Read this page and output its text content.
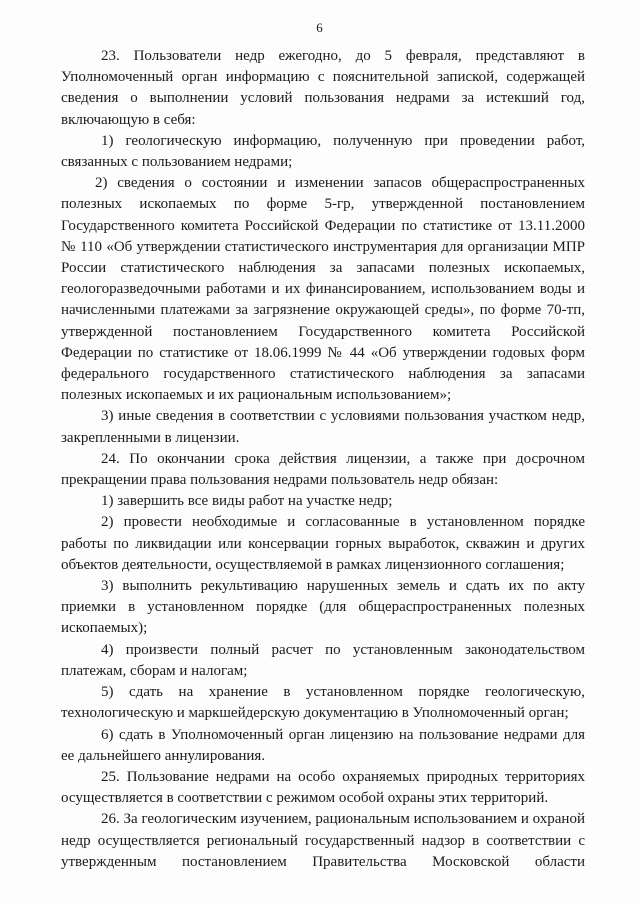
6

23. Пользователи недр ежегодно, до 5 февраля, представляют в Уполномоченный орган информацию с пояснительной запиской, содержащей сведения о выполнении условий пользования недрами за истекший год, включающую в себя:

1) геологическую информацию, полученную при проведении работ, связанных с пользованием недрами;

2) сведения о состоянии и изменении запасов общераспространенных полезных ископаемых по форме 5-гр, утвержденной постановлением Государственного комитета Российской Федерации по статистике от 13.11.2000 № 110 «Об утверждении статистического инструментария для организации МПР России статистического наблюдения за запасами полезных ископаемых, геологоразведочными работами и их финансированием, использованием воды и начисленными платежами за загрязнение окружающей среды», по форме 70-тп, утвержденной постановлением Государственного комитета Российской Федерации по статистике от 18.06.1999 № 44 «Об утверждении годовых форм федерального государственного статистического наблюдения за запасами полезных ископаемых и их рациональным использованием»;

3) иные сведения в соответствии с условиями пользования участком недр, закрепленными в лицензии.

24. По окончании срока действия лицензии, а также при досрочном прекращении права пользования недрами пользователь недр обязан:

1) завершить все виды работ на участке недр;

2) провести необходимые и согласованные в установленном порядке работы по ликвидации или консервации горных выработок, скважин и других объектов деятельности, осуществляемой в рамках лицензионного соглашения;

3) выполнить рекультивацию нарушенных земель и сдать их по акту приемки в установленном порядке (для общераспространенных полезных ископаемых);

4) произвести полный расчет по установленным законодательством платежам, сборам и налогам;

5) сдать на хранение в установленном порядке геологическую, технологическую и маркшейдерскую документацию в Уполномоченный орган;

6) сдать в Уполномоченный орган лицензию на пользование недрами для ее дальнейшего аннулирования.

25. Пользование недрами на особо охраняемых природных территориях осуществляется в соответствии с режимом особой охраны этих территорий.

26. За геологическим изучением, рациональным использованием и охраной недр осуществляется региональный государственный надзор в соответствии с утвержденным постановлением Правительства Московской области
